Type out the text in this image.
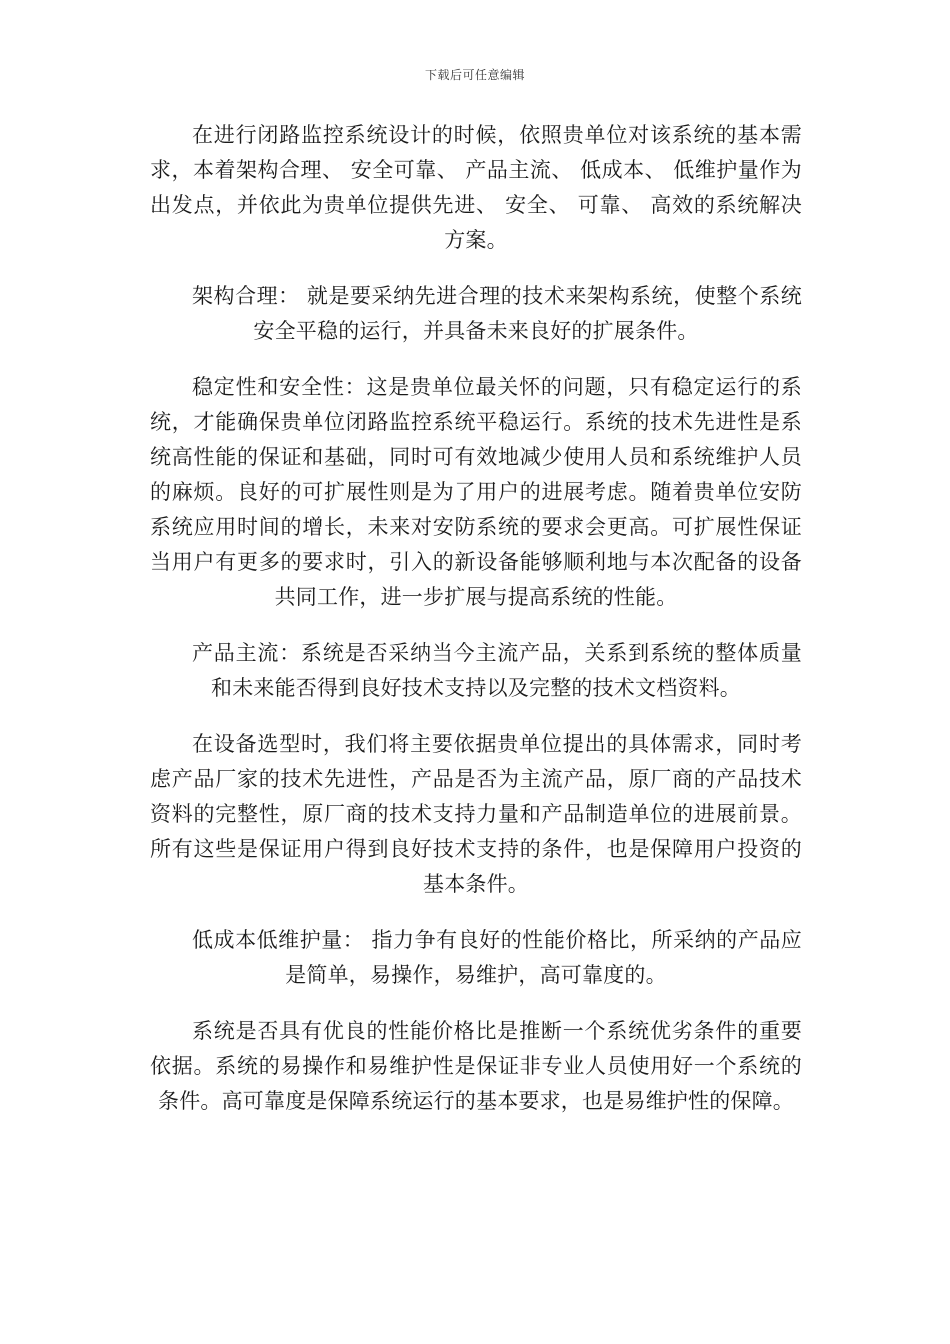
下载后可任意编辑

在进行闭路监控系统设计的时候，依照贵单位对该系统的基本需求，本着架构合理、 安全可靠、 产品主流、 低成本、 低维护量作为出发点，并依此为贵单位提供先进、 安全、 可靠、 高效的系统解决方案。

架构合理： 就是要采纳先进合理的技术来架构系统，使整个系统安全平稳的运行，并具备未来良好的扩展条件。

稳定性和安全性：这是贵单位最关怀的问题，只有稳定运行的系统，才能确保贵单位闭路监控系统平稳运行。系统的技术先进性是系统高性能的保证和基础，同时可有效地减少使用人员和系统维护人员的麻烦。良好的可扩展性则是为了用户的进展考虑。随着贵单位安防系统应用时间的增长，未来对安防系统的要求会更高。可扩展性保证当用户有更多的要求时，引入的新设备能够顺利地与本次配备的设备共同工作，进一步扩展与提高系统的性能。

产品主流：系统是否采纳当今主流产品，关系到系统的整体质量和未来能否得到良好技术支持以及完整的技术文档资料。

在设备选型时，我们将主要依据贵单位提出的具体需求，同时考虑产品厂家的技术先进性，产品是否为主流产品，原厂商的产品技术资料的完整性，原厂商的技术支持力量和产品制造单位的进展前景。所有这些是保证用户得到良好技术支持的条件，也是保障用户投资的基本条件。

低成本低维护量： 指力争有良好的性能价格比，所采纳的产品应是简单，易操作，易维护，高可靠度的。

系统是否具有优良的性能价格比是推断一个系统优劣条件的重要依据。系统的易操作和易维护性是保证非专业人员使用好一个系统的条件。高可靠度是保障系统运行的基本要求，也是易维护性的保障。
